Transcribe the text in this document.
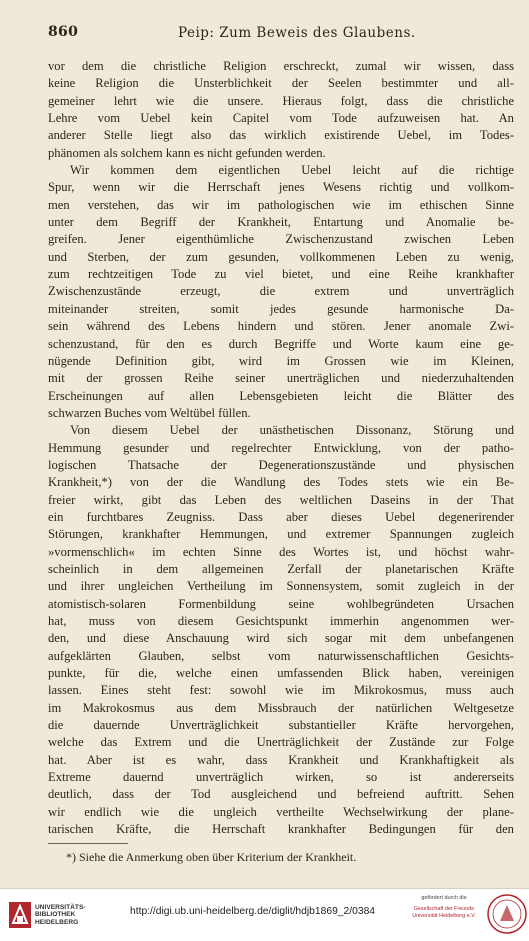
860	Peip: Zum Beweis des Glaubens.
vor dem die christliche Religion erschreckt, zumal wir wissen, dass
keine Religion die Unsterblichkeit der Seelen bestimmter und all-
gemeiner lehrt wie die unsere. Hieraus folgt, dass die christliche
Lehre vom Uebel kein Capitel vom Tode aufzuweisen hat. An
anderer Stelle liegt also das wirklich existirende Uebel, im Todes-
phänomen als solchem kann es nicht gefunden werden.
Wir kommen dem eigentlichen Uebel leicht auf die richtige
Spur, wenn wir die Herrschaft jenes Wesens richtig und vollkom-
men verstehen, das wir im pathologischen wie im ethischen Sinne
unter dem Begriff der Krankheit, Entartung und Anomalie be-
greifen. Jener eigenthümliche Zwischenzustand zwischen Leben
und Sterben, der zum gesunden, vollkommenen Leben zu wenig,
zum rechtzeitigen Tode zu viel bietet, und eine Reihe krankhafter
Zwischenzustände erzeugt, die extrem und unverträglich
miteinander streiten, somit jedes gesunde harmonische Da-
sein während des Lebens hindern und stören. Jener anomale Zwi-
schenzustand, für den es durch Begriffe und Worte kaum eine ge-
nügende Definition gibt, wird im Grossen wie im Kleinen,
mit der grossen Reihe seiner unerträglichen und niederzuhaltenden
Erscheinungen auf allen Lebensgebieten leicht die Blätter des
schwarzen Buches vom Weltübel füllen.
Von diesem Uebel der unästhetischen Dissonanz, Störung und
Hemmung gesunder und regelrechter Entwicklung, von der patho-
logischen Thatsache der Degenerationszustände und physischen
Krankheit,*) von der die Wandlung des Todes stets wie ein Be-
freier wirkt, gibt das Leben des weltlichen Daseins in der That
ein furchtbares Zeugniss. Dass aber dieses Uebel degenerirender
Störungen, krankhafter Hemmungen, und extremer Spannungen zugleich
»vormenschlich« im echten Sinne des Wortes ist, und höchst wahr-
scheinlich in dem allgemeinen Zerfall der planetarischen Kräfte
und ihrer ungleichen Vertheilung im Sonnensystem, somit zugleich in der
atomistisch-solaren Formenbildung seine wohlbegründeten Ursachen
hat, muss von diesem Gesichtspunkt immerhin angenommen wer-
den, und diese Anschauung wird sich sogar mit dem unbefangenen
aufgeklärten Glauben, selbst vom naturwissenschaftlichen Gesichts-
punkte, für die, welche einen umfassenden Blick haben, vereinigen
lassen. Eines steht fest: sowohl wie im Mikrokosmus, muss auch
im Makrokosmus aus dem Missbrauch der natürlichen Weltgesetze
die dauernde Unverträglichkeit substantieller Kräfte hervorgehen,
welche das Extrem und die Unerträglichkeit der Zustände zur Folge
hat. Aber ist es wahr, dass Krankheit und Krankhaftigkeit als
Extreme dauernd unverträglich wirken, so ist andererseits
deutlich, dass der Tod ausgleichend und befreiend auftritt. Sehen
wir endlich wie die ungleich vertheilte Wechselwirkung der plane-
tarischen Kräfte, die Herrschaft krankhafter Bedingungen für den
*) Siehe die Anmerkung oben über Kriterium der Krankheit.
UNIVERSITÄTS-
BIBLIOTHEK
HEIDELBERG
http://digi.ub.uni-heidelberg.de/diglit/hdjb1869_2/0384
gefördert durch die
Gesellschaft der Freunde
Universität Heidelberg e.V.
